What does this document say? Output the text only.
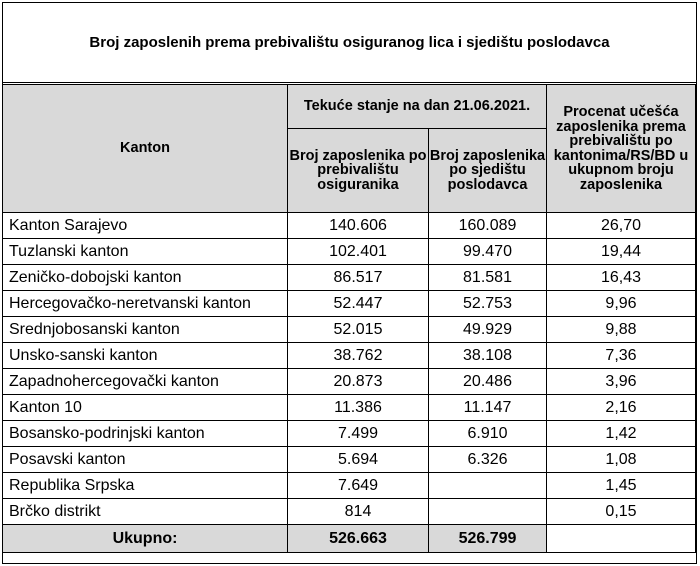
Broj zaposlenih prema prebivalištu osiguranog lica i sjedištu poslodavca
Kanton	Tekuće stanje na dan 21.06.2021.		Procenat učešća zaposlenika prema prebivalištu po kantonima/RS/BD u ukupnom broju zaposlenika
	Broj zaposlenika po prebivalištu osiguranika	Broj zaposlenika po sjedištu poslodavca	
Kanton Sarajevo	140.606	160.089	26,70
Tuzlanski kanton	102.401	99.470	19,44
Zeničko-dobojski kanton	86.517	81.581	16,43
Hercegovačko-neretvanski kanton	52.447	52.753	9,96
Srednjobosanski kanton	52.015	49.929	9,88
Unsko-sanski kanton	38.762	38.108	7,36
Zapadnohercegovački kanton	20.873	20.486	3,96
Kanton 10	11.386	11.147	2,16
Bosansko-podrinjski kanton	7.499	6.910	1,42
Posavski kanton	5.694	6.326	1,08
Republika Srpska	7.649		1,45
Brčko distrikt	814		0,15
Ukupno:	526.663	526.799	
